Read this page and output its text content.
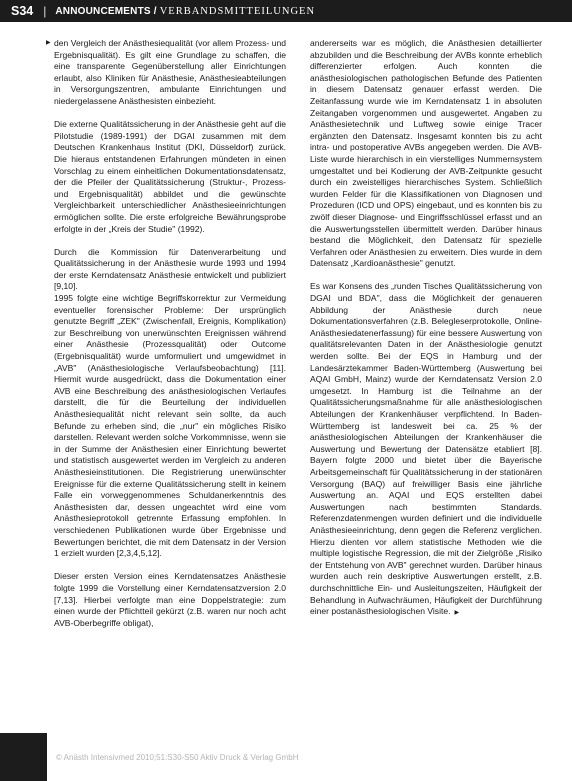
S34 | ANNOUNCEMENTS / VERBANDSMITTEILUNGEN
▶ den Vergleich der Anästhesiequalität (vor allem Prozess- und Ergebnisqualität). Es gilt eine Grundlage zu schaffen, die eine transparente Gegenüberstellung aller Einrichtungen erlaubt, also Kliniken für Anästhesie, Anästhesieabteilungen in Versorgungszentren, ambulante Einrichtungen und niedergelassene Anästhesisten einbezieht.

Die externe Qualitätssicherung in der Anästhesie geht auf die Pilotstudie (1989-1991) der DGAI zusammen mit dem Deutschen Krankenhaus Institut (DKI, Düsseldorf) zurück. Die hieraus entstandenen Erfahrungen mündeten in einen Vorschlag zu einem einheitlichen Dokumentationsdatensatz, der die Pfeiler der Qualitätssicherung (Struktur-, Prozess- und Ergebnisqualität) abbildet und die gewünschte Vergleichbarkeit unterschiedlicher Anästhesieeinrichtungen ermöglichen sollte. Die erste erfolgreiche Bewährungsprobe erfolgte in der „Kreis der Studie" (1992).

Durch die Kommission für Datenverarbeitung und Qualitätssicherung in der Anästhesie wurde 1993 und 1994 der erste Kerndatensatz Anästhesie entwickelt und publiziert [9,10].

1995 folgte eine wichtige Begriffskorrektur zur Vermeidung eventueller forensischer Probleme: Der ursprünglich genutzte Begriff „ZEK" (Zwischenfall, Ereignis, Komplikation) zur Beschreibung von unerwünschten Ereignissen während einer Anästhesie (Prozessqualität) oder Outcome (Ergebnisqualität) wurde umformuliert und umgewidmet in „AVB" (Anästhesiologische Verlaufsbeobachtung) [11]. Hiermit wurde ausgedrückt, dass die Dokumentation einer AVB eine Beschreibung des anästhesiologischen Verlaufes darstellt, die für die Beurteilung der individuellen Anästhesiequalität nicht relevant sein sollte, da auch Befunde zu erheben sind, die „nur" ein mögliches Risiko darstellen. Relevant werden solche Vorkommnisse, wenn sie in der Summe der Anästhesien einer Einrichtung bewertet und statistisch ausgewertet werden im Vergleich zu anderen Anästhesieinstitutionen. Die Registrierung unerwünschter Ereignisse für die externe Qualitätssicherung stellt in keinem Falle ein vorweggenommenes Schuldanerkenntnis des Anästhesisten dar, dessen ungeachtet wird eine vom Anästhesieprotokoll getrennte Erfassung empfohlen. In verschiedenen Publikationen wurde über Ergebnisse und Bewertungen berichtet, die mit dem Datensatz in der Version 1 erzielt wurden [2,3,4,5,12].

Dieser ersten Version eines Kerndatensatzes Anästhesie folgte 1999 die Vorstellung einer Kerndatensatzversion 2.0 [7,13]. Hierbei verfolgte man eine Doppelstrategie: zum einen wurde der Pflichtteil gekürzt (z.B. waren nur noch acht AVB-Oberbegriffe obligat),

andererseits war es möglich, die Anästhesien detaillierter abzubilden und die Beschreibung der AVBs konnte erheblich differenzierter erfolgen. Auch konnten die anästhesiologischen pathologischen Befunde des Patienten in diesem Datensatz genauer erfasst werden. Die Zeitanfassung wurde wie im Kerndatensatz 1 in absoluten Zeitangaben vorgenommen und ausgewertet. Angaben zu Anästhesietechnik und Luftweg sowie einige Tracer ergänzten den Datensatz. Insgesamt konnten bis zu acht intra- und postoperative AVBs angegeben werden. Die AVB-Liste wurde hierarchisch in ein vierstelliges Nummernsystem umgestaltet und bei Kodierung der AVB-Zeitpunkte gesucht durch ein zweistelliges hierarchisches System. Schließlich wurden Felder für die Klassifikationen von Diagnosen und Prozeduren (ICD und OPS) eingebaut, und es konnten bis zu zwölf dieser Diagnose- und Eingriffsschlüssel erfasst und an die Auswertungsstellen übermittelt werden. Darüber hinaus bestand die Möglichkeit, den Datensatz für spezielle Verfahren oder Anästhesien zu erweitern. Dies wurde in dem Datensatz „Kardioanästhesie" genutzt.

Es war Konsens des „runden Tisches Qualitätssicherung von DGAI und BDA", dass die Möglichkeit der genaueren Abbildung der Anästhesie durch neue Dokumentationsverfahren (z.B. Belegleserprotokolle, Online-Anästhesiedatenerfassung) für eine bessere Auswertung von qualitätsrelevanten Daten in der Anästhesiologie genutzt werden sollte. Bei der EQS in Hamburg und der Landesärztekammer Baden-Württemberg (Auswertung bei AQAI GmbH, Mainz) wurde der Kerndatensatz Version 2.0 umgesetzt. In Hamburg ist die Teilnahme an der Qualitätssicherungsmaßnahme für alle anästhesiologischen Abteilungen der Krankenhäuser verpflichtend. In Baden-Württemberg ist landesweit bei ca. 25 % der anästhesiologischen Abteilungen der Krankenhäuser die Auswertung und Bewertung der Datensätze etabliert [8]. Bayern folgte 2000 und bietet über die Bayerische Arbeitsgemeinschaft für Qualitätssicherung in der stationären Versorgung (BAQ) auf freiwilliger Basis eine jährliche Auswertung an. AQAI und EQS erstellten dabei Auswertungen nach bestimmten Standards. Referenzdatenmengen wurden definiert und die individuelle Anästhesieeinrichtung, denn gegen die Referenz verglichen. Hierzu dienten vor allem statistische Methoden wie die multiple logistische Regression, die mit der Zielgröße „Risiko der Entstehung von AVB" gerechnet wurden. Darüber hinaus wurden auch rein deskriptive Auswertungen erstellt, z.B. durchschnittliche Ein- und Ausleitungszeiten, Häufigkeit der Behandlung in Aufwachräumen, Häufigkeit der Durchführung einer postanästhesiologischen Visite. ▶

© Anästh Intensivmed 2010;51:S30-S50 Aktiv Druck & Verlag GmbH
